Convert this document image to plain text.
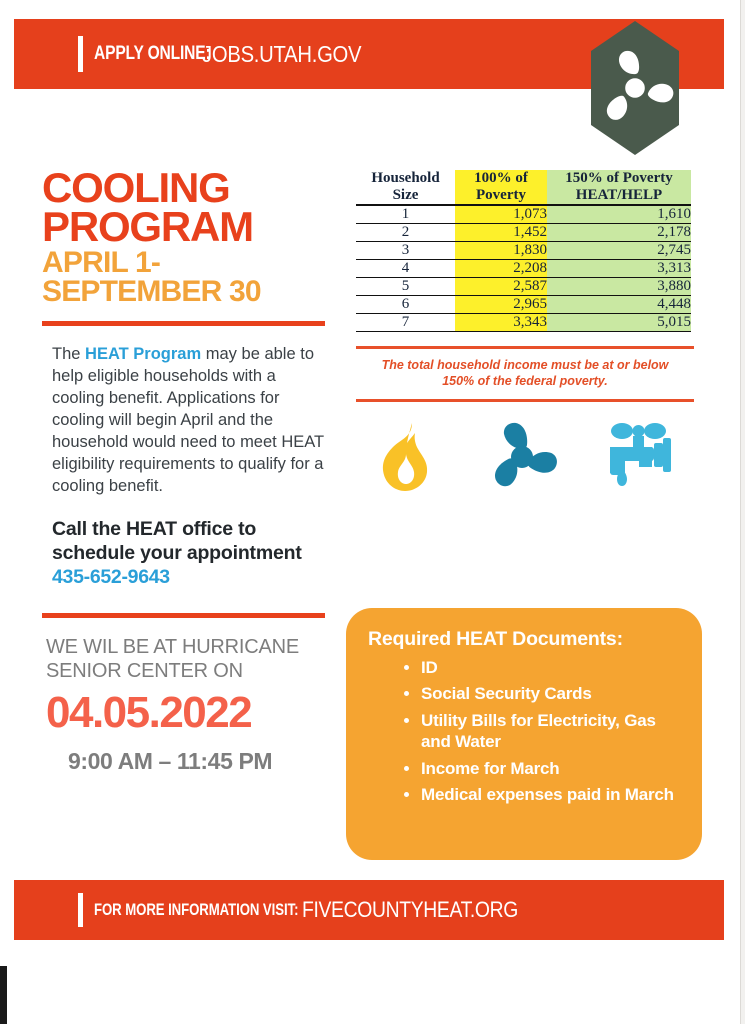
APPLY ONLINE:
JOBS.UTAH.GOV
COOLING
PROGRAM
APRIL 1-
SEPTEMBER 30

The HEAT Program may be able to help eligible households with a cooling benefit. Applications for cooling will begin April and the household would need to meet HEAT eligibility requirements to qualify for a cooling benefit.

Call the HEAT office to
schedule your appointment
435-652-9643
WE WIL BE AT HURRICANE
SENIOR CENTER ON
04.05.2022
9:00 AM – 11:45 PM
Household
Size

100% of
Poverty

150% of Poverty
HEAT/HELP

1	1,073	1,610
2	1,452	2,178
3	1,830	2,745
4	2,208	3,313
5	2,587	3,880
6	2,965	4,448
7	3,343	5,015
The total household income must be at or below 150% of the federal poverty.
Required HEAT Documents:
ID
Social Security Cards
Utility Bills for Electricity, Gas and Water
Income for March
Medical expenses paid in March
FOR MORE INFORMATION VISIT: FIVECOUNTYHEAT.ORG
